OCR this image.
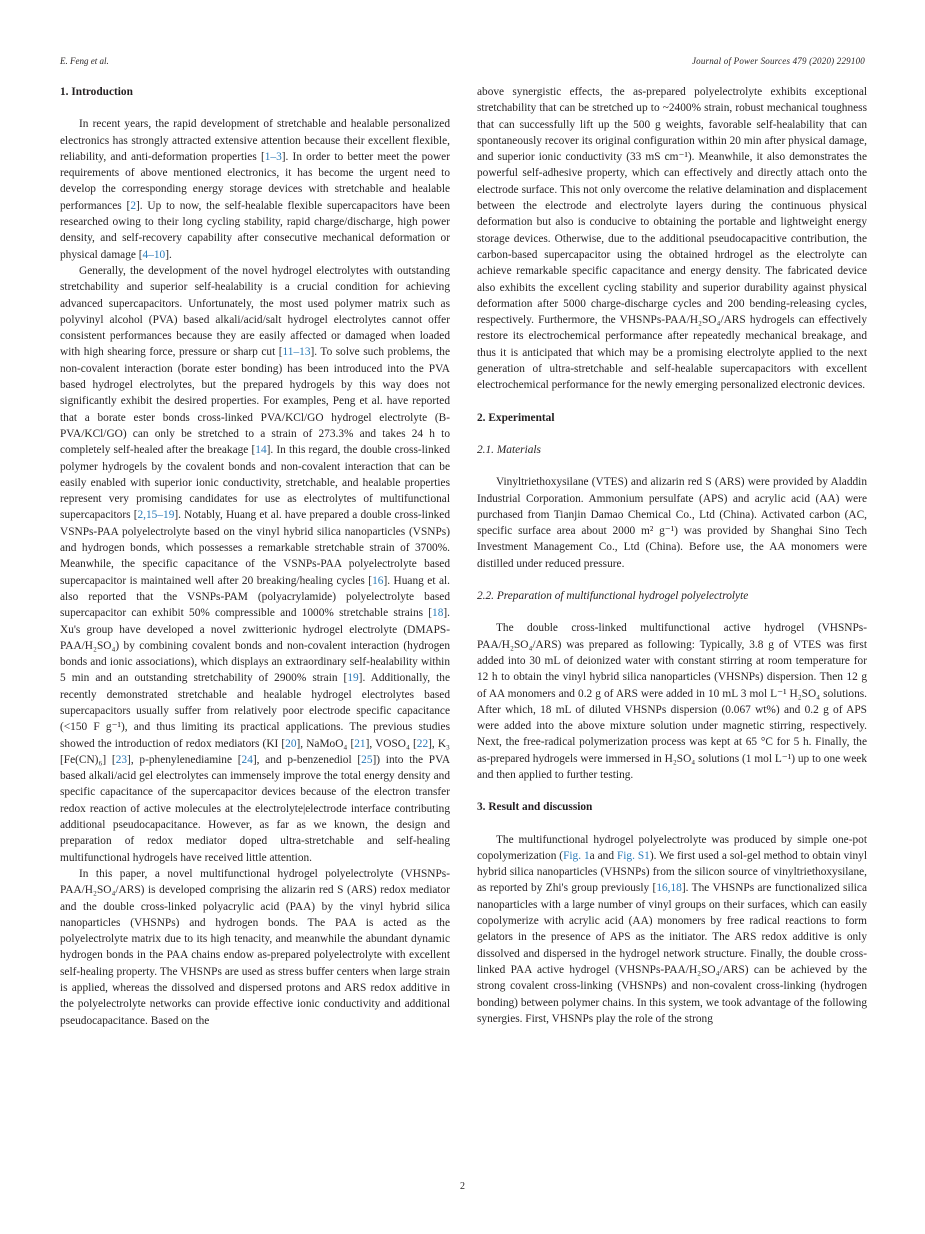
E. Feng et al.	Journal of Power Sources 479 (2020) 229100
1. Introduction

In recent years, the rapid development of stretchable and healable personalized electronics has strongly attracted extensive attention because their excellent flexible, reliability, and anti-deformation properties [1–3]. In order to better meet the power requirements of above mentioned electronics, it has become the urgent need to develop the corresponding energy storage devices with stretchable and healable performances [2]. Up to now, the self-healable flexible supercapacitors have been researched owing to their long cycling stability, rapid charge/discharge, high power density, and self-recovery capability after consecutive mechanical deformation or physical damage [4–10].

Generally, the development of the novel hydrogel electrolytes with outstanding stretchability and superior self-healability is a crucial condition for achieving advanced supercapacitors. Unfortunately, the most used polymer matrix such as polyvinyl alcohol (PVA) based alkali/acid/salt hydrogel electrolytes cannot offer consistent performances because they are easily affected or damaged when loaded with high shearing force, pressure or sharp cut [11–13]. To solve such problems, the non-covalent interaction (borate ester bonding) has been introduced into the PVA based hydrogel electrolytes, but the prepared hydrogels by this way does not significantly exhibit the desired properties. For examples, Peng et al. have reported that a borate ester bonds cross-linked PVA/KCl/GO hydrogel electrolyte (B-PVA/KCl/GO) can only be stretched to a strain of 273.3% and takes 24 h to completely self-healed after the breakage [14]. In this regard, the double cross-linked polymer hydrogels by the covalent bonds and non-covalent interaction that can be easily enabled with superior ionic conductivity, stretchable, and healable properties represent very promising candidates for use as electrolytes of multifunctional supercapacitors [2,15–19]. Notably, Huang et al. have prepared a double cross-linked VSNPs-PAA polyelectrolyte based on the vinyl hybrid silica nanoparticles (VSNPs) and hydrogen bonds, which possesses a remarkable stretchable strain of 3700%. Meanwhile, the specific capacitance of the VSNPs-PAA polyelectrolyte based supercapacitor is maintained well after 20 breaking/healing cycles [16]. Huang et al. also reported that the VSNPs-PAM (polyacrylamide) polyelectrolyte based supercapacitor can exhibit 50% compressible and 1000% stretchable strains [18]. Xu's group have developed a novel zwitterionic hydrogel electrolyte (DMAPS-PAA/H₂SO₄) by combining covalent bonds and non-covalent interaction (hydrogen bonds and ionic associations), which displays an extraordinary self-healability within 5 min and an outstanding stretchability of 2900% strain [19]. Additionally, the recently demonstrated stretchable and healable hydrogel electrolytes based supercapacitors usually suffer from relatively poor electrode specific capacitance (<150 F g⁻¹), and thus limiting its practical applications. The previous studies showed the introduction of redox mediators (KI [20], NaMoO₄ [21], VOSO₄ [22], K₃ [Fe(CN)₆] [23], p-phenylenediamine [24], and p-benzenediol [25]) into the PVA based alkali/acid gel electrolytes can immensely improve the total energy density and specific capacitance of the supercapacitor devices because of the electron transfer redox reaction of active molecules at the electrolyte|electrode interface contributing additional pseudocapacitance. However, as far as we known, the design and preparation of redox mediator doped ultra-stretchable and self-healing multifunctional hydrogels have received little attention.

In this paper, a novel multifunctional hydrogel polyelectrolyte (VHSNPs-PAA/H₂SO₄/ARS) is developed comprising the alizarin red S (ARS) redox mediator and the double cross-linked polyacrylic acid (PAA) by the vinyl hybrid silica nanoparticles (VHSNPs) and hydrogen bonds. The PAA is acted as the polyelectrolyte matrix due to its high tenacity, and meanwhile the abundant dynamic hydrogen bonds in the PAA chains endow as-prepared polyelectrolyte with excellent self-healing property. The VHSNPs are used as stress buffer centers when large strain is applied, whereas the dissolved and dispersed protons and ARS redox additive in the polyelectrolyte networks can provide effective ionic conductivity and additional pseudocapacitance. Based on the

above synergistic effects, the as-prepared polyelectrolyte exhibits exceptional stretchability that can be stretched up to ~2400% strain, robust mechanical toughness that can successfully lift up the 500 g weights, favorable self-healability that can spontaneously recover its original configuration within 20 min after physical damage, and superior ionic conductivity (33 mS cm⁻¹). Meanwhile, it also demonstrates the powerful self-adhesive property, which can effectively and directly attach onto the electrode surface. This not only overcome the relative delamination and displacement between the electrode and electrolyte layers during the continuous physical deformation but also is conducive to obtaining the portable and lightweight energy storage devices. Otherwise, due to the additional pseudocapacitive contribution, the carbon-based supercapacitor using the obtained hrdrogel as the electrolyte can achieve remarkable specific capacitance and energy density. The fabricated device also exhibits the excellent cycling stability and superior durability against physical deformation after 5000 charge-discharge cycles and 200 bending-releasing cycles, respectively. Furthermore, the VHSNPs-PAA/H₂SO₄/ARS hydrogels can effectively restore its electrochemical performance after repeatedly mechanical breakage, and thus it is anticipated that which may be a promising electrolyte applied to the next generation of ultra-stretchable and self-healable supercapacitors with excellent electrochemical performance for the newly emerging personalized electronic devices.

2. Experimental
2.1. Materials

Vinyltriethoxysilane (VTES) and alizarin red S (ARS) were provided by Aladdin Industrial Corporation. Ammonium persulfate (APS) and acrylic acid (AA) were purchased from Tianjin Damao Chemical Co., Ltd (China). Activated carbon (AC, specific surface area about 2000 m² g⁻¹) was provided by Shanghai Sino Tech Investment Management Co., Ltd (China). Before use, the AA monomers were distilled under reduced pressure.

2.2. Preparation of multifunctional hydrogel polyelectrolyte

The double cross-linked multifunctional active hydrogel (VHSNPs-PAA/H₂SO₄/ARS) was prepared as following: Typically, 3.8 g of VTES was first added into 30 mL of deionized water with constant stirring at room temperature for 12 h to obtain the vinyl hybrid silica nanoparticles (VHSNPs) dispersion. Then 12 g of AA monomers and 0.2 g of ARS were added in 10 mL 3 mol L⁻¹ H₂SO₄ solutions. After which, 18 mL of diluted VHSNPs dispersion (0.067 wt%) and 0.2 g of APS were added into the above mixture solution under magnetic stirring, respectively. Next, the free-radical polymerization process was kept at 65 °C for 5 h. Finally, the as-prepared hydrogels were immersed in H₂SO₄ solutions (1 mol L⁻¹) up to one week and then applied to further testing.

3. Result and discussion

The multifunctional hydrogel polyelectrolyte was produced by simple one-pot copolymerization (Fig. 1a and Fig. S1). We first used a sol-gel method to obtain vinyl hybrid silica nanoparticles (VHSNPs) from the silicon source of vinyltriethoxysilane, as reported by Zhi's group previously [16,18]. The VHSNPs are functionalized silica nanoparticles with a large number of vinyl groups on their surfaces, which can easily copolymerize with acrylic acid (AA) monomers by free radical reactions to form gelators in the presence of APS as the initiator. The ARS redox additive is only dissolved and dispersed in the hydrogel network structure. Finally, the double cross-linked PAA active hydrogel (VHSNPs-PAA/H₂SO₄/ARS) can be achieved by the strong covalent cross-linking (VHSNPs) and non-covalent cross-linking (hydrogen bonding) between polymer chains. In this system, we took advantage of the following synergies. First, VHSNPs play the role of the strong

2
